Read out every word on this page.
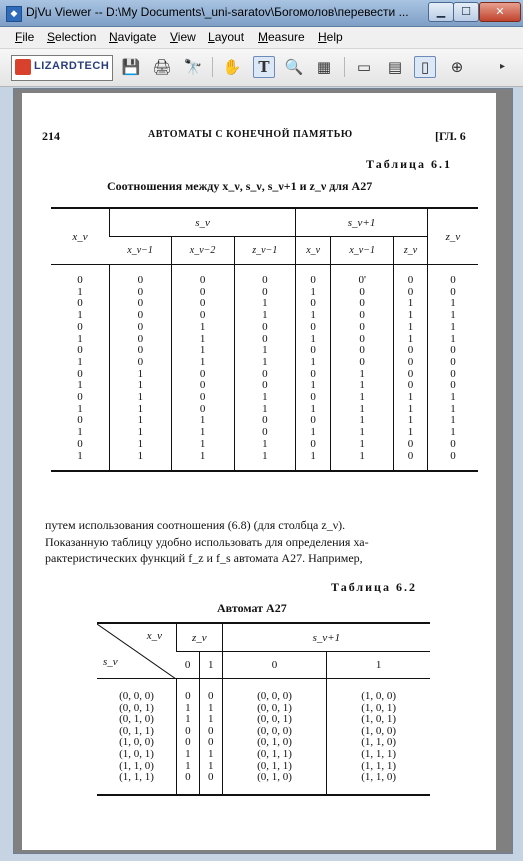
◆ DjVu Viewer -- D:\My Documents\_uni-saratov\Богомолов\перевести ...	▁	☐	✕
File Selection Navigate View Layout Measure Help
LIZARDTECH 💾 🖨 🔭 ✋	T	🔍 ▦ ▭ ▤	▯	⊕	▸
214	АВТОМАТЫ С КОНЕЧНОЙ ПАМЯТЬЮ	[ГЛ. 6
Таблица 6.1
Соотношения между x_ν, s_ν, s_ν+1 и z_ν для A27
x_ν	s_ν			s_ν+1			z_ν
	x_ν−1	x_ν−2	z_ν−1	x_ν	x_ν−1	z_ν	
0	0	0	0	0	0'	0	0
1	0	0	0	1	0	0	0
0	0	0	1	0	0	1	1
1	0	0	1	1	0	1	1
0	0	1	0	0	0	1	1
1	0	1	0	1	0	1	1
0	0	1	1	0	0	0	0
1	0	1	1	1	0	0	0
0	1	0	0	0	1	0	0
1	1	0	0	1	1	0	0
0	1	0	1	0	1	1	1
1	1	0	1	1	1	1	1
0	1	1	0	0	1	1	1
1	1	1	0	1	1	1	1
0	1	1	1	0	1	0	0
1	1	1	1	1	1	0	0

путем использования соотношения (6.8) (для столбца z_ν).

Показанную таблицу удобно использовать для определения ха-

рактеристических функций f_z и f_s автомата A27. Например,

Таблица 6.2
Автомат A27
x_ν
s_ν	z_ν		s_ν+1	
	0	1	0	1
(0, 0, 0)	0	0	(0, 0, 0)	(1, 0, 0)
(0, 0, 1)	1	1	(0, 0, 1)	(1, 0, 1)
(0, 1, 0)	1	1	(0, 0, 1)	(1, 0, 1)
(0, 1, 1)	0	0	(0, 0, 0)	(1, 0, 0)
(1, 0, 0)	0	0	(0, 1, 0)	(1, 1, 0)
(1, 0, 1)	1	1	(0, 1, 1)	(1, 1, 1)
(1, 1, 0)	1	1	(0, 1, 1)	(1, 1, 1)
(1, 1, 1)	0	0	(0, 1, 0)	(1, 1, 0)
